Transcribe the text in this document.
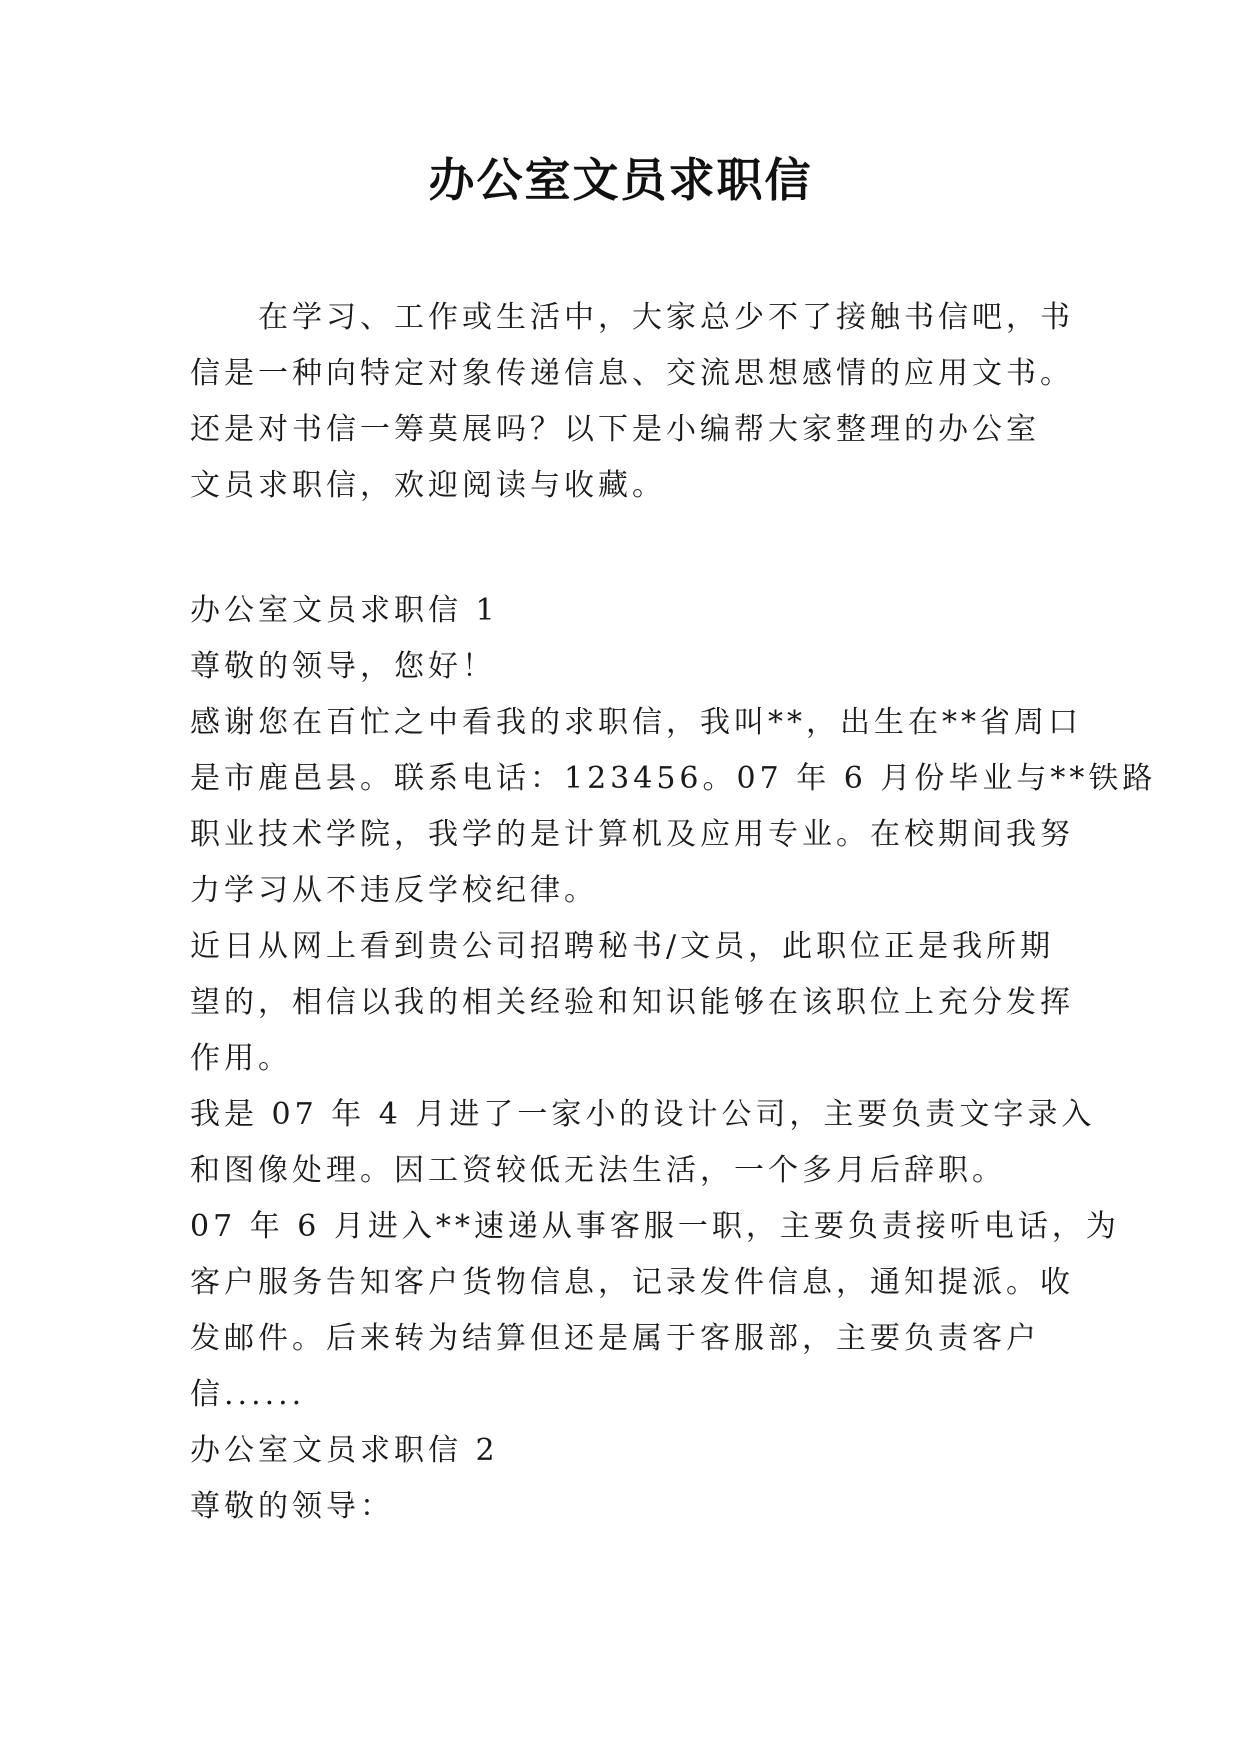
办公室文员求职信
在学习、工作或生活中，大家总少不了接触书信吧，书
信是一种向特定对象传递信息、交流思想感情的应用文书。
还是对书信一筹莫展吗？以下是小编帮大家整理的办公室
文员求职信，欢迎阅读与收藏。
办公室文员求职信 1
尊敬的领导，您好！
感谢您在百忙之中看我的求职信，我叫**，出生在**省周口
是市鹿邑县。联系电话：123456。07 年 6 月份毕业与**铁路
职业技术学院，我学的是计算机及应用专业。在校期间我努
力学习从不违反学校纪律。
近日从网上看到贵公司招聘秘书/文员，此职位正是我所期
望的，相信以我的相关经验和知识能够在该职位上充分发挥
作用。
我是 07 年 4 月进了一家小的设计公司，主要负责文字录入
和图像处理。因工资较低无法生活，一个多月后辞职。
07 年 6 月进入**速递从事客服一职，主要负责接听电话，为
客户服务告知客户货物信息，记录发件信息，通知提派。收
发邮件。后来转为结算但还是属于客服部，主要负责客户
信......
办公室文员求职信 2
尊敬的领导：
